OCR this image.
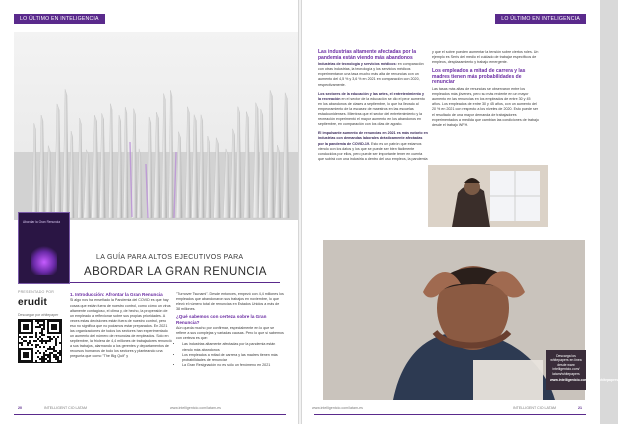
LO ÚLTIMO EN INTELIGENCIA
Abordar la Gran Renuncia
LA GUÍA PARA ALTOS EJECUTIVOS PARA
ABORDAR LA GRAN RENUNCIA
PRESENTADO POR
erudit
Descargar por whitepaper
1. Introducción: Afrontar la Gran Renuncia
Si algo nos ha enseñado la Pandemia del COVID es que hay cosas que están fuera de nuestro control, como cómo un virus altamente contagioso, el clima y, de hecho, la propensión de un empleado a reflexionar sobre sus propias prioridades. A veces estas decisiones están fuera de nuestro control, pero eso no significa que no podamos estar preparados. En 2021 las organizaciones de todos los sectores han experimentado un aumento del número de renuncias de empleados. Solo en septiembre, la friolera de 4,4 millones de trabajadores renunció a sus trabajos, alarmando a los gerentes y departamentos de recursos humanos de todo los sectores y planteando una pregunta que como "The Big Quit" y
"Turnover Tsunami". Desde entonces, empezó con 4,4 millones los empleados que abandonaron sus trabajos en noviembre, lo que elevó el número total de renuncias en Estados Unidos a más de 38 millones.
¿Qué sabemos con certeza sobre la Gran Renuncia?
Aún queda mucho por confirmar, especialmente en lo que se refiere a sus complejas y variadas causas. Pero lo que sí sabemos con certeza es que:
• Las industrias altamente afectadas por la pandemia están viendo más abandonos
• Los empleados a mitad de carrera y las madres tienen más probabilidades de renunciar
• La Gran Resignación no es sólo un fenómeno en 2021
20	INTELLIGENT CIO LATAM	www.intelligentcio.com/latam-es
LO ÚLTIMO EN INTELIGENCIA
Las industrias altamente afectadas por la pandemia están viendo más abandonos
Industrias de tecnología y servicios médicos: en comparación con otras industrias, la tecnología y los servicios médicos experimentaron una tasa mucho más alta de renuncias con un aumento del 4,5 % y 3,6 % en 2021 en comparación con 2020, respectivamente.
Los sectores de la educación y las artes, el entretenimiento y la recreación en el sector de la educación se dio el peor aumento en los abandonos de clases a septiembre, lo que ha llevado al empeoramiento de la escasez de maestros en las escuelas estadounidenses. Mientras que el sector del entretenimiento y la recreación experimentó el mayor aumento en los abandonos en septiembre, en comparación con los días de agosto.
El impulsante aumento de renuncias en 2021 es más notorio en industrias con demandas laborales drásticamente afectadas por la pandemia de COVID-19. Esto es un patrón que estamos viendo con los datos y los que se puede ser bien fácilmente conducidos por ellos, pero puede ser importante tener en cuenta que subirá con una industria a dentro del uso empleos, la pandemia
y que el sobre pueden aumentar la tensión sobre ciertos roles. Un ejemplo es Serís del medio el cuidado de trabajar específicos de empleos, desplazamiento y trabajo emergente.
Los empleados a mitad de carrera y las madres tienen más probabilidades de renunciar
Las tasas más altas de renuncias se observaron entre los empleados más jóvenes, pero su más reciente en un mayor aumento en las renuncias en los empleados de entre 30 y 45 años. Los empleados de entre 30 y 45 años, con un aumento del 20 % en 2021 con respecto a los niveles de 2020. Esto puede ser el resultado de una mayor demanda de trabajadores experimentados a medida que cambian las condiciones de trabajo desde el trabajo WFH.
Descarga los whitepapers en línea desde www intelligentcio.com/ latam/whitepapers
www.intelligentcio.com/latam/whitepapers
www.intelligentcio.com/latam-es	INTELLIGENT CIO LATAM	21
